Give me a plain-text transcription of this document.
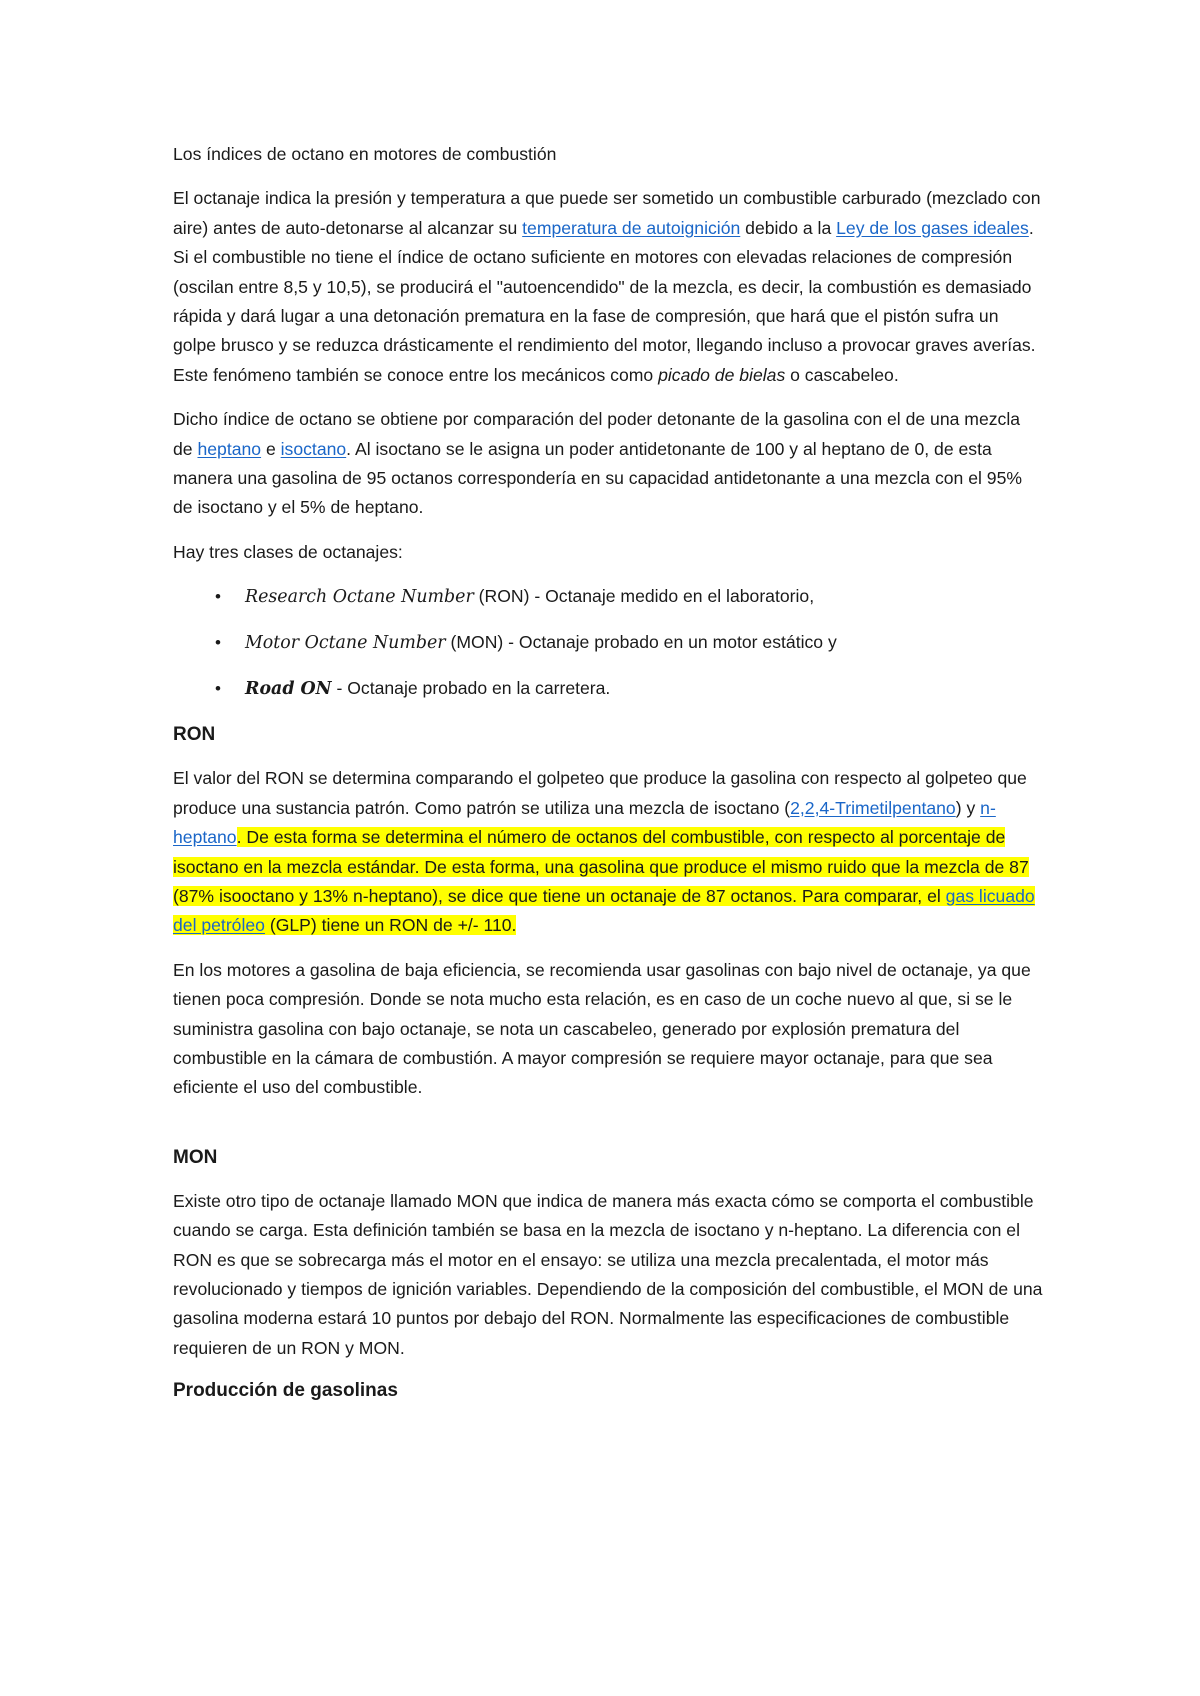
Los índices de octano en motores de combustión

El octanaje indica la presión y temperatura a que puede ser sometido un combustible carburado (mezclado con aire) antes de auto-detonarse al alcanzar su temperatura de autoignición debido a la Ley de los gases ideales. Si el combustible no tiene el índice de octano suficiente en motores con elevadas relaciones de compresión (oscilan entre 8,5 y 10,5), se producirá el "autoencendido" de la mezcla, es decir, la combustión es demasiado rápida y dará lugar a una detonación prematura en la fase de compresión, que hará que el pistón sufra un golpe brusco y se reduzca drásticamente el rendimiento del motor, llegando incluso a provocar graves averías. Este fenómeno también se conoce entre los mecánicos como picado de bielas o cascabeleo.

Dicho índice de octano se obtiene por comparación del poder detonante de la gasolina con el de una mezcla de heptano e isoctano. Al isoctano se le asigna un poder antidetonante de 100 y al heptano de 0, de esta manera una gasolina de 95 octanos correspondería en su capacidad antidetonante a una mezcla con el 95% de isoctano y el 5% de heptano.

Hay tres clases de octanajes:

• Research Octane Number (RON) - Octanaje medido en el laboratorio,
• Motor Octane Number (MON) - Octanaje probado en un motor estático y
• Road ON - Octanaje probado en la carretera.
RON

El valor del RON se determina comparando el golpeteo que produce la gasolina con respecto al golpeteo que produce una sustancia patrón. Como patrón se utiliza una mezcla de isoctano (2,2,4-Trimetilpentano) y n-heptano. De esta forma se determina el número de octanos del combustible, con respecto al porcentaje de isoctano en la mezcla estándar. De esta forma, una gasolina que produce el mismo ruido que la mezcla de 87 (87% isooctano y 13% n-heptano), se dice que tiene un octanaje de 87 octanos. Para comparar, el gas licuado del petróleo (GLP) tiene un RON de +/- 110.

En los motores a gasolina de baja eficiencia, se recomienda usar gasolinas con bajo nivel de octanaje, ya que tienen poca compresión. Donde se nota mucho esta relación, es en caso de un coche nuevo al que, si se le suministra gasolina con bajo octanaje, se nota un cascabeleo, generado por explosión prematura del combustible en la cámara de combustión. A mayor compresión se requiere mayor octanaje, para que sea eficiente el uso del combustible.

MON

Existe otro tipo de octanaje llamado MON que indica de manera más exacta cómo se comporta el combustible cuando se carga. Esta definición también se basa en la mezcla de isoctano y n-heptano. La diferencia con el RON es que se sobrecarga más el motor en el ensayo: se utiliza una mezcla precalentada, el motor más revolucionado y tiempos de ignición variables. Dependiendo de la composición del combustible, el MON de una gasolina moderna estará 10 puntos por debajo del RON. Normalmente las especificaciones de combustible requieren de un RON y MON.

Producción de gasolinas
